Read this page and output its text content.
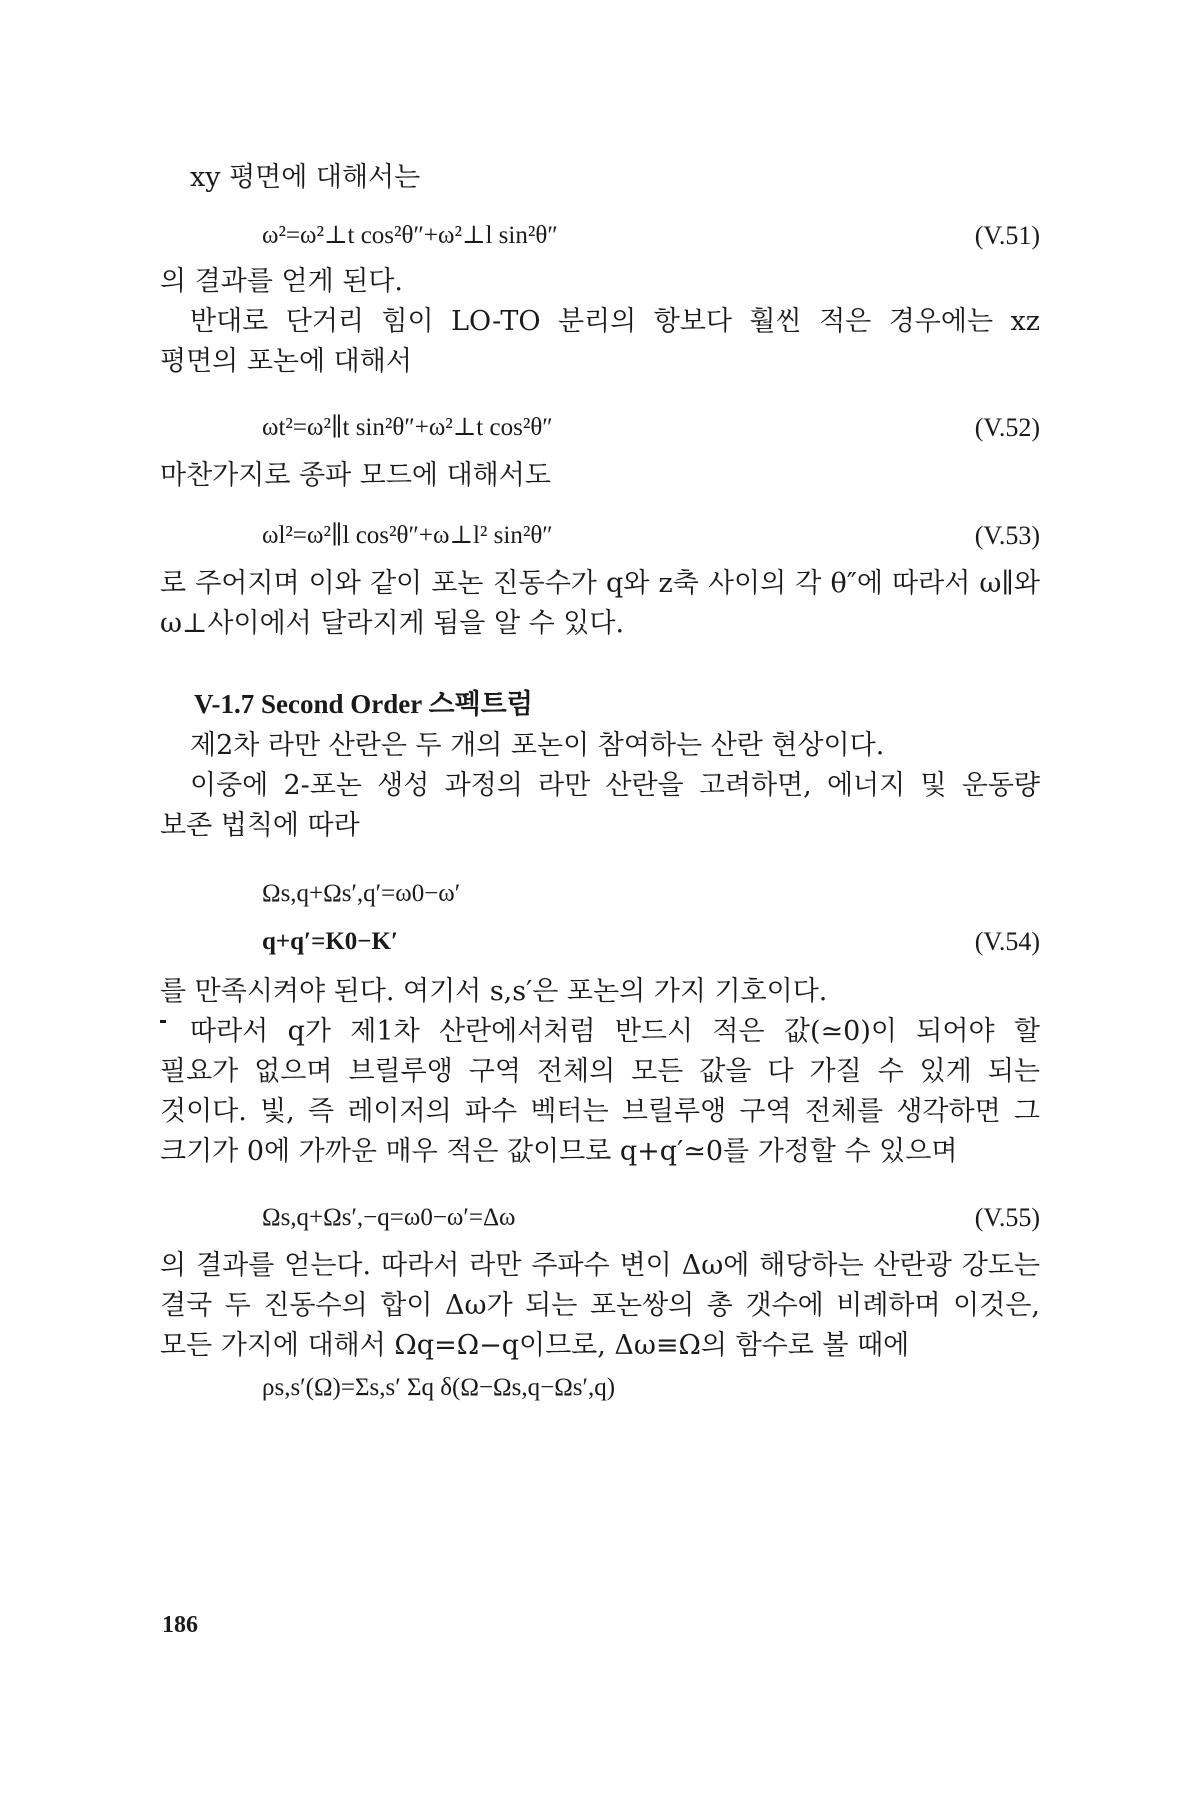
xy 평면에 대해서는

ω²=ω²⊥t cos²θ″+ω²⊥l sin²θ″	(V.51)

의 결과를 얻게 된다.

반대로 단거리 힘이 LO-TO 분리의 항보다 훨씬 적은 경우에는 xz 평면의 포논에 대해서

ωt²=ω²∥t sin²θ″+ω²⊥t cos²θ″	(V.52)

마찬가지로 종파 모드에 대해서도

ωl²=ω²∥l cos²θ″+ω⊥l² sin²θ″	(V.53)

로 주어지며 이와 같이 포논 진동수가 q와 z축 사이의 각 θ″에 따라서 ω∥와 ω⊥사이에서 달라지게 됨을 알 수 있다.

V-1.7 Second Order 스펙트럼

제2차 라만 산란은 두 개의 포논이 참여하는 산란 현상이다.

이중에 2-포논 생성 과정의 라만 산란을 고려하면, 에너지 및 운동량 보존 법칙에 따라

Ωs,q+Ωs′,q′=ω0−ω′
q+q′=K0−K′	(V.54)

를 만족시켜야 된다. 여기서 s,s′은 포논의 가지 기호이다.

따라서 q가 제1차 산란에서처럼 반드시 적은 값(≃0)이 되어야 할 필요가 없으며 브릴루앵 구역 전체의 모든 값을 다 가질 수 있게 되는 것이다. 빛, 즉 레이저의 파수 벡터는 브릴루앵 구역 전체를 생각하면 그 크기가 0에 가까운 매우 적은 값이므로 q+q′≃0를 가정할 수 있으며

Ωs,q+Ωs′,−q=ω0−ω′=Δω	(V.55)

의 결과를 얻는다. 따라서 라만 주파수 변이 Δω에 해당하는 산란광 강도는 결국 두 진동수의 합이 Δω가 되는 포논쌍의 총 갯수에 비례하며 이것은, 모든 가지에 대해서 Ωq=Ω−q이므로, Δω≡Ω의 함수로 볼 때에

ρs,s′(Ω)=Σs,s′ Σq δ(Ω−Ωs,q−Ωs′,q)
186
